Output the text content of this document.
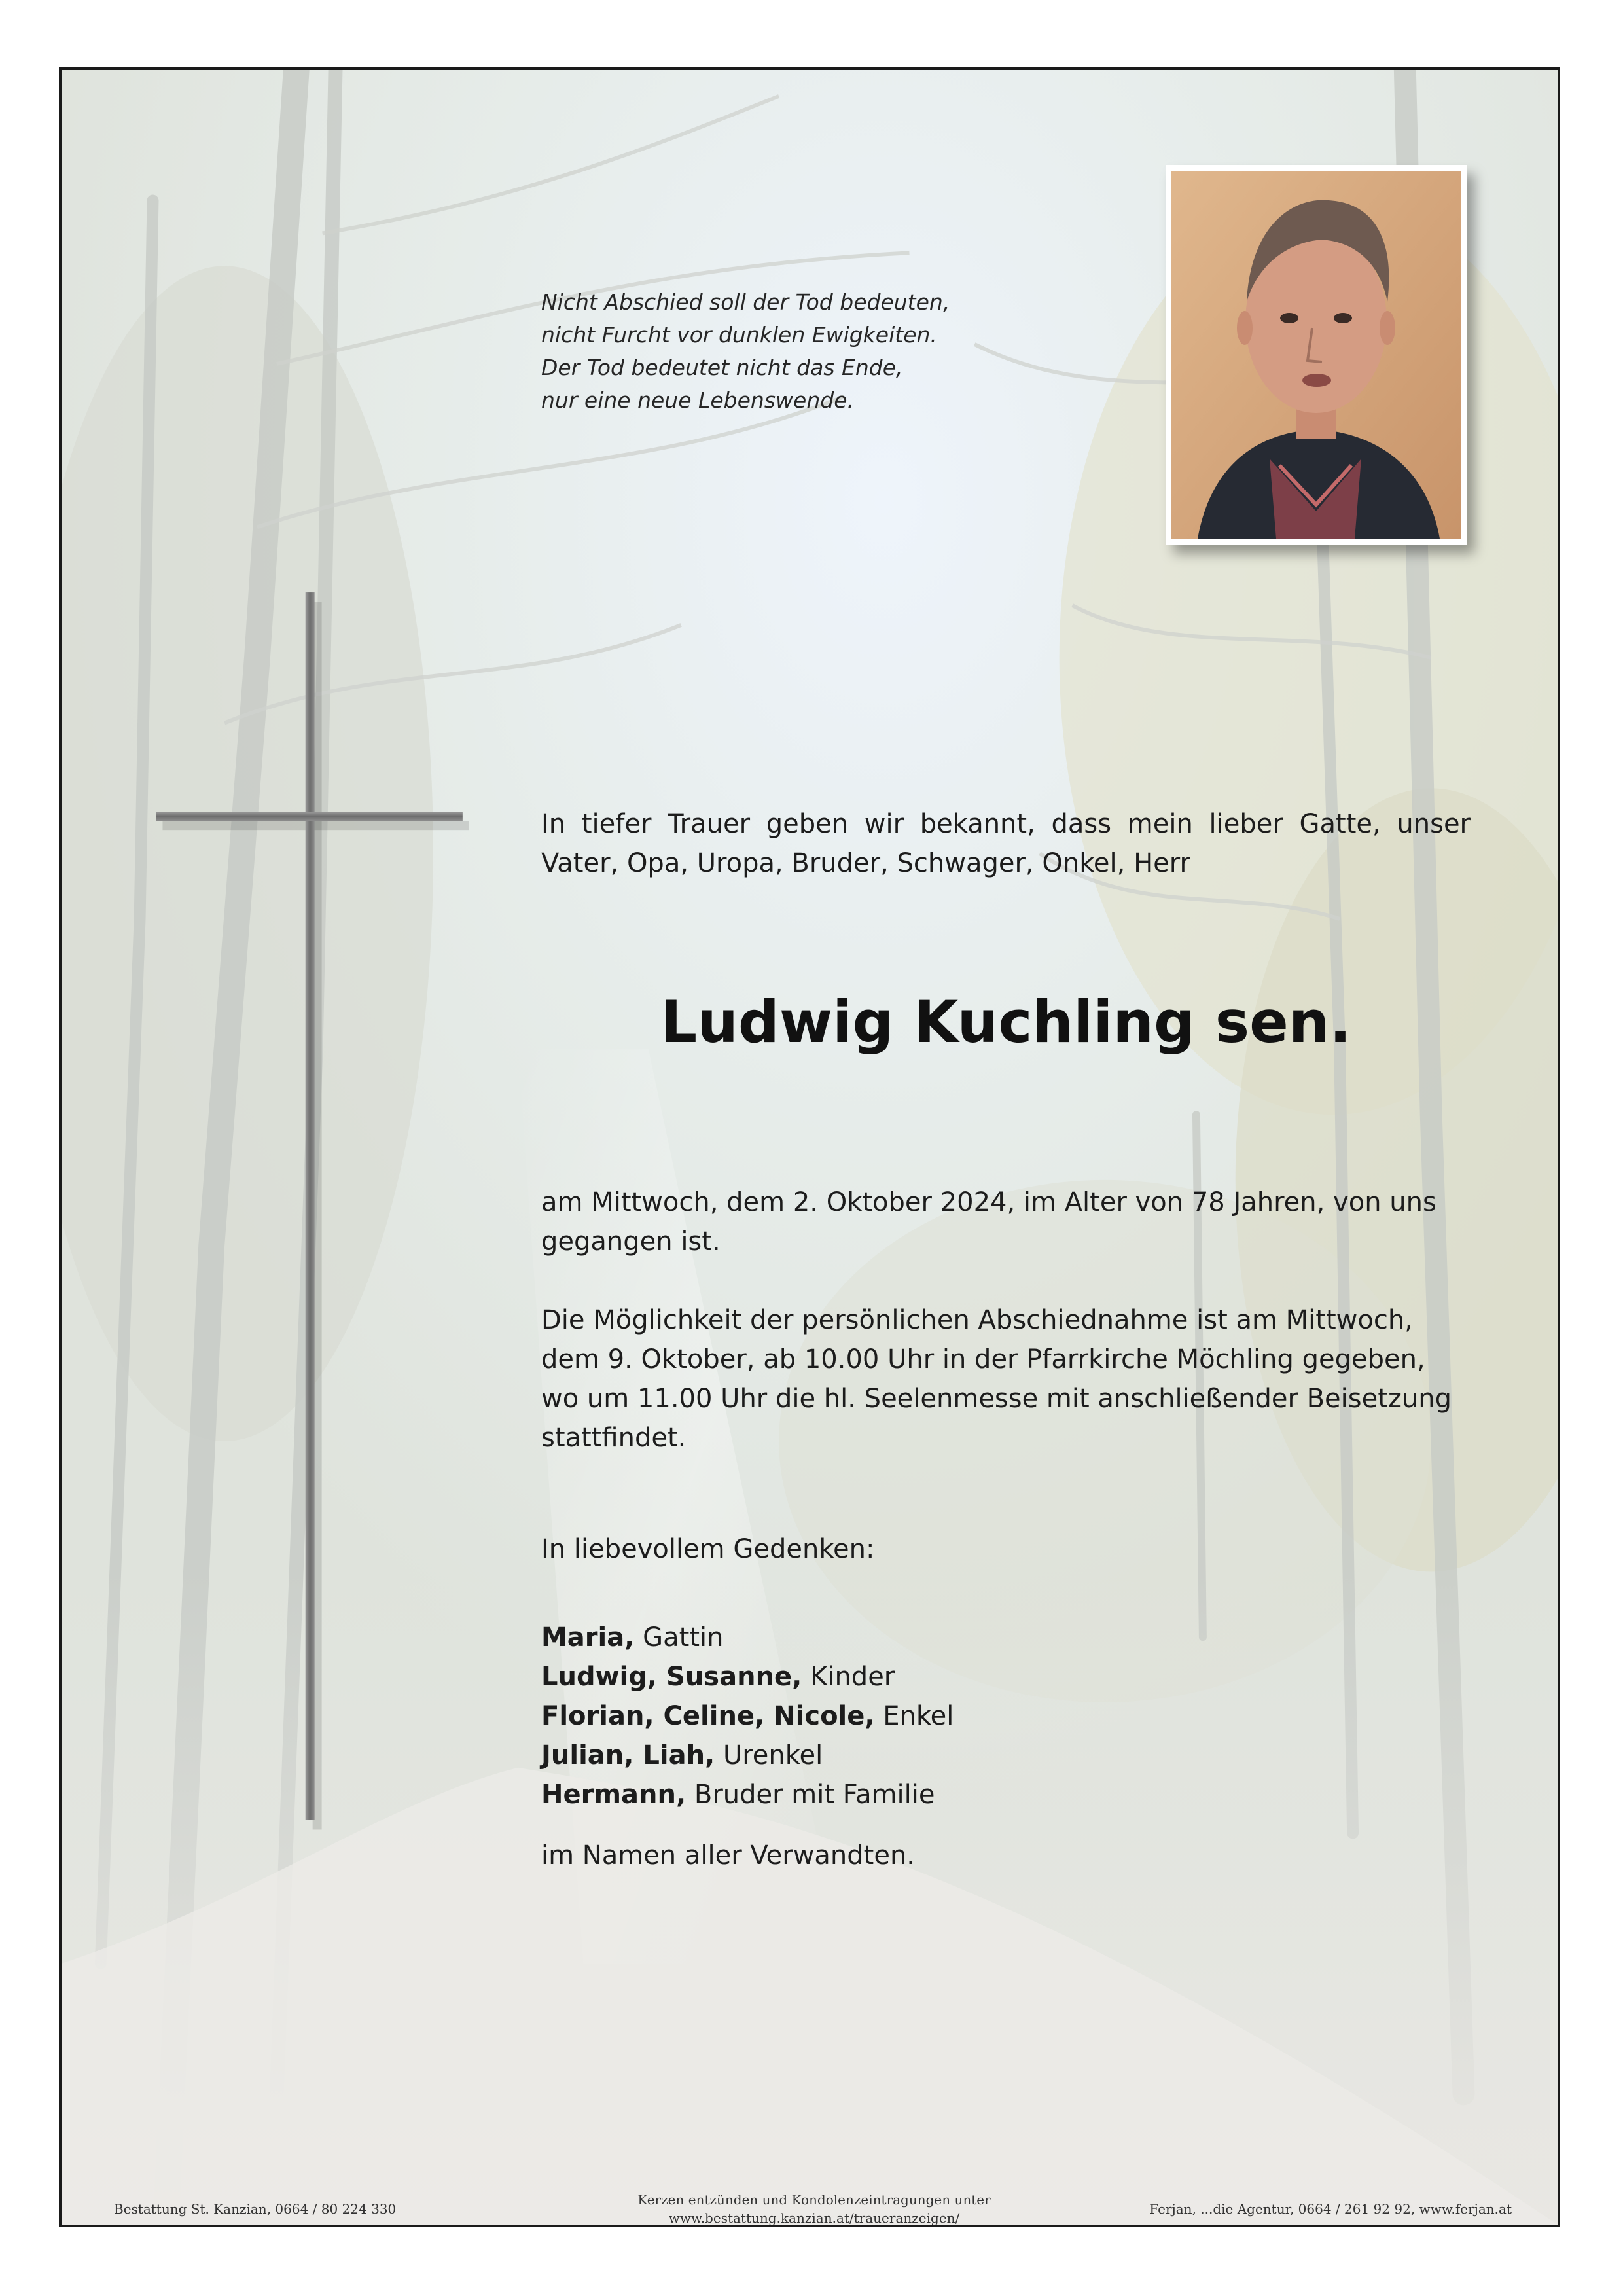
Nicht Abschied soll der Tod bedeuten,
nicht Furcht vor dunklen Ewigkeiten.
Der Tod bedeutet nicht das Ende,
nur eine neue Lebenswende.
In tiefer Trauer geben wir bekannt, dass mein lieber Gatte, unser Vater, Opa, Uropa, Bruder, Schwager, Onkel, Herr
Ludwig Kuchling sen.
am Mittwoch, dem 2. Oktober 2024, im Alter von 78 Jahren, von uns gegangen ist.
Die Möglichkeit der persönlichen Abschiednahme ist am Mittwoch, dem 9. Oktober, ab 10.00 Uhr in der Pfarrkirche Möchling gegeben, wo um 11.00 Uhr die hl. Seelenmesse mit anschließender Beisetzung stattfindet.
In liebevollem Gedenken:
Maria, Gattin
Ludwig, Susanne, Kinder
Florian, Celine, Nicole, Enkel
Julian, Liah, Urenkel
Hermann, Bruder mit Familie
im Namen aller Verwandten.
Bestattung St. Kanzian, 0664 / 80 224 330
Kerzen entzünden und Kondolenzeintragungen unter
www.bestattung.kanzian.at/traueranzeigen/
Ferjan, ...die Agentur, 0664 / 261 92 92, www.ferjan.at
